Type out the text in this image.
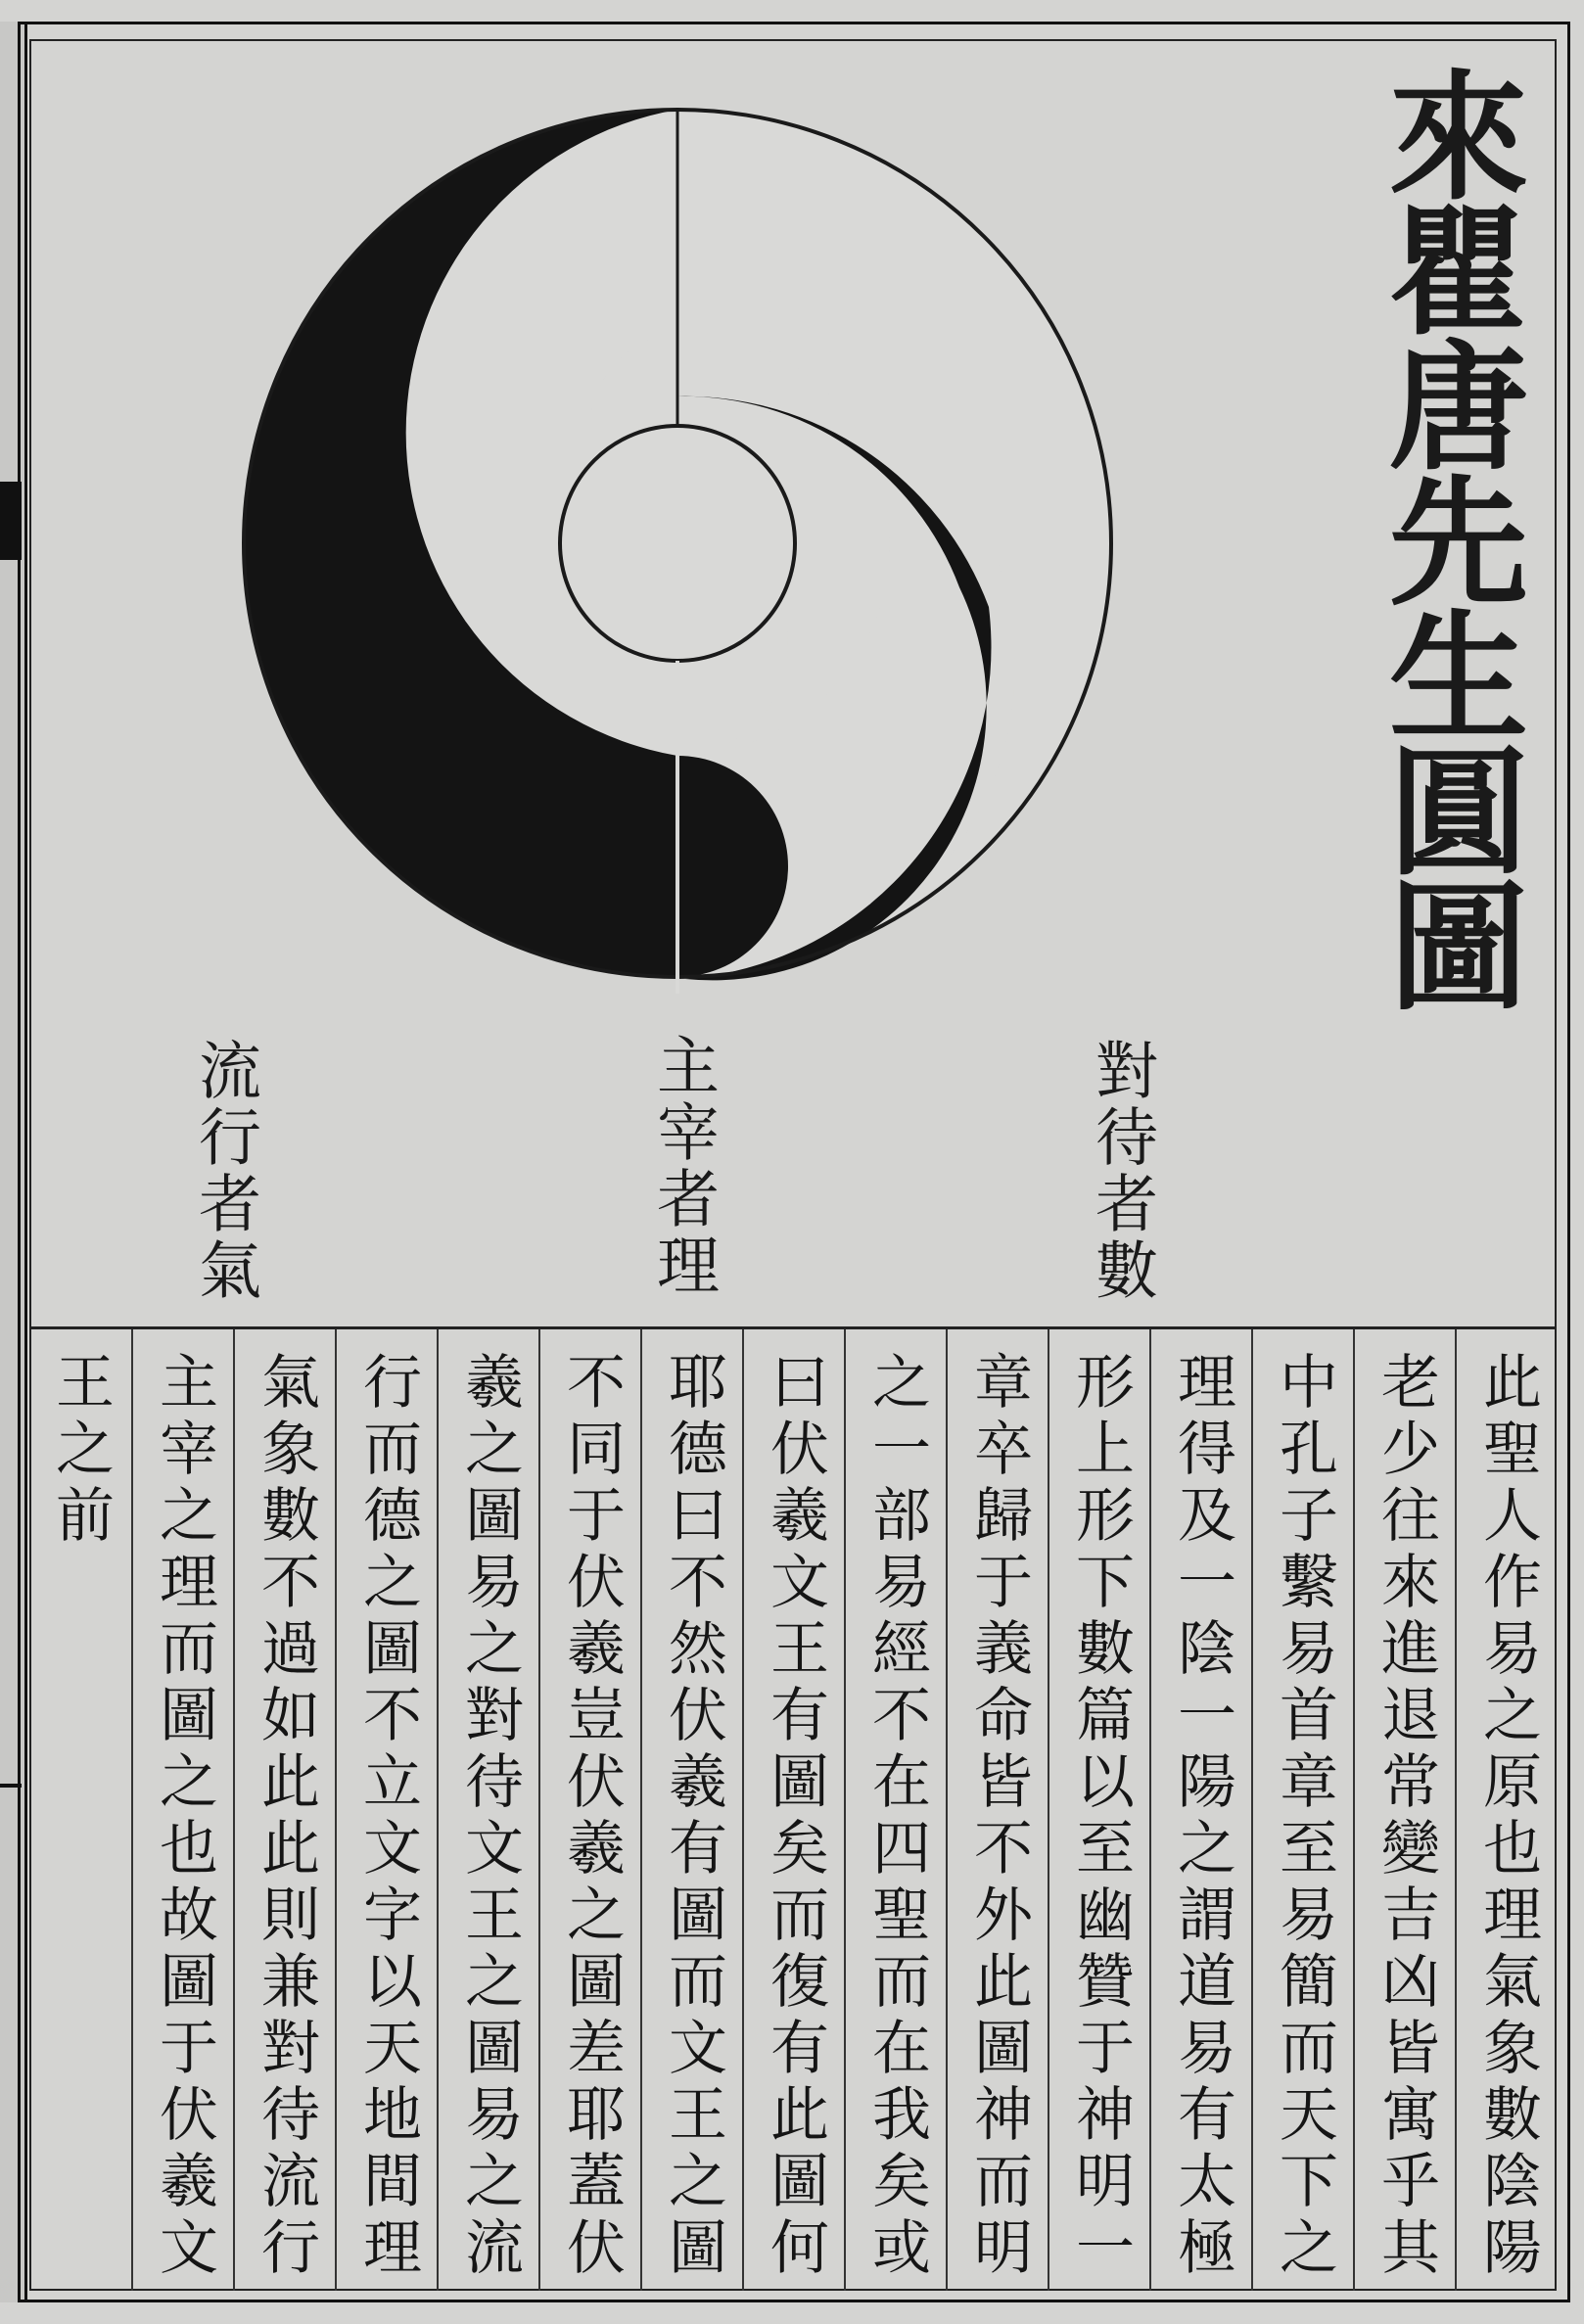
來瞿唐先生圓圖
流行者氣	主宰者理	對待者數
此聖人作易之原也理氣象數陰陽
老少往來進退常變吉凶皆寓乎其
中孔子繫易首章至易簡而天下之
理得及一陰一陽之謂道易有太極
形上形下數篇以至幽贊于神明一
章卒歸于義命皆不外此圖神而明
之一部易經不在四聖而在我矣或
曰伏羲文王有圖矣而復有此圖何
耶德曰不然伏羲有圖而文王之圖
不同于伏羲豈伏羲之圖差耶蓋伏
羲之圖易之對待文王之圖易之流
行而德之圖不立文字以天地間理
氣象數不過如此此則兼對待流行
主宰之理而圖之也故圖于伏羲文
王之前
